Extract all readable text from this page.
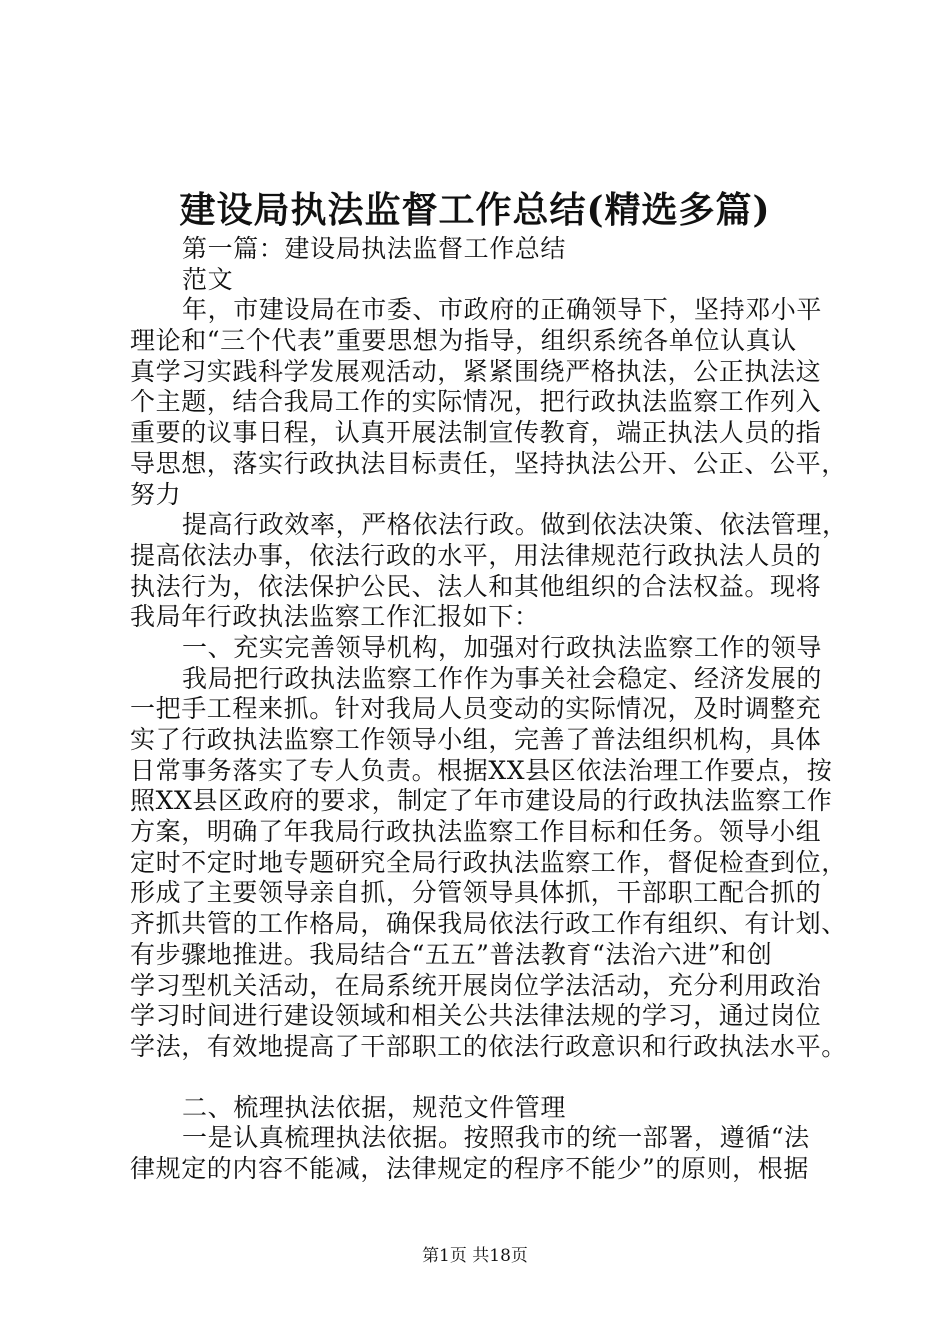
建设局执法监督工作总结(精选多篇)
第一篇：建设局执法监督工作总结
范文
年，市建设局在市委、市政府的正确领导下，坚持邓小平
理论和“三个代表”重要思想为指导，组织系统各单位认真认
真学习实践科学发展观活动，紧紧围绕严格执法，公正执法这
个主题，结合我局工作的实际情况，把行政执法监察工作列入
重要的议事日程，认真开展法制宣传教育，端正执法人员的指
导思想，落实行政执法目标责任，坚持执法公开、公正、公平，
努力
提高行政效率，严格依法行政。做到依法决策、依法管理，
提高依法办事，依法行政的水平，用法律规范行政执法人员的
执法行为，依法保护公民、法人和其他组织的合法权益。现将
我局年行政执法监察工作汇报如下：
一、充实完善领导机构，加强对行政执法监察工作的领导
我局把行政执法监察工作作为事关社会稳定、经济发展的
一把手工程来抓。针对我局人员变动的实际情况，及时调整充
实了行政执法监察工作领导小组，完善了普法组织机构，具体
日常事务落实了专人负责。根据XX县区依法治理工作要点，按
照XX县区政府的要求，制定了年市建设局的行政执法监察工作
方案，明确了年我局行政执法监察工作目标和任务。领导小组
定时不定时地专题研究全局行政执法监察工作，督促检查到位，
形成了主要领导亲自抓，分管领导具体抓，干部职工配合抓的
齐抓共管的工作格局，确保我局依法行政工作有组织、有计划、
有步骤地推进。我局结合“五五”普法教育“法治六进”和创
学习型机关活动，在局系统开展岗位学法活动，充分利用政治
学习时间进行建设领域和相关公共法律法规的学习，通过岗位
学法，有效地提高了干部职工的依法行政意识和行政执法水平。
二、梳理执法依据，规范文件管理
一是认真梳理执法依据。按照我市的统一部署，遵循“法
律规定的内容不能减，法律规定的程序不能少”的原则，根据
第1页 共18页
